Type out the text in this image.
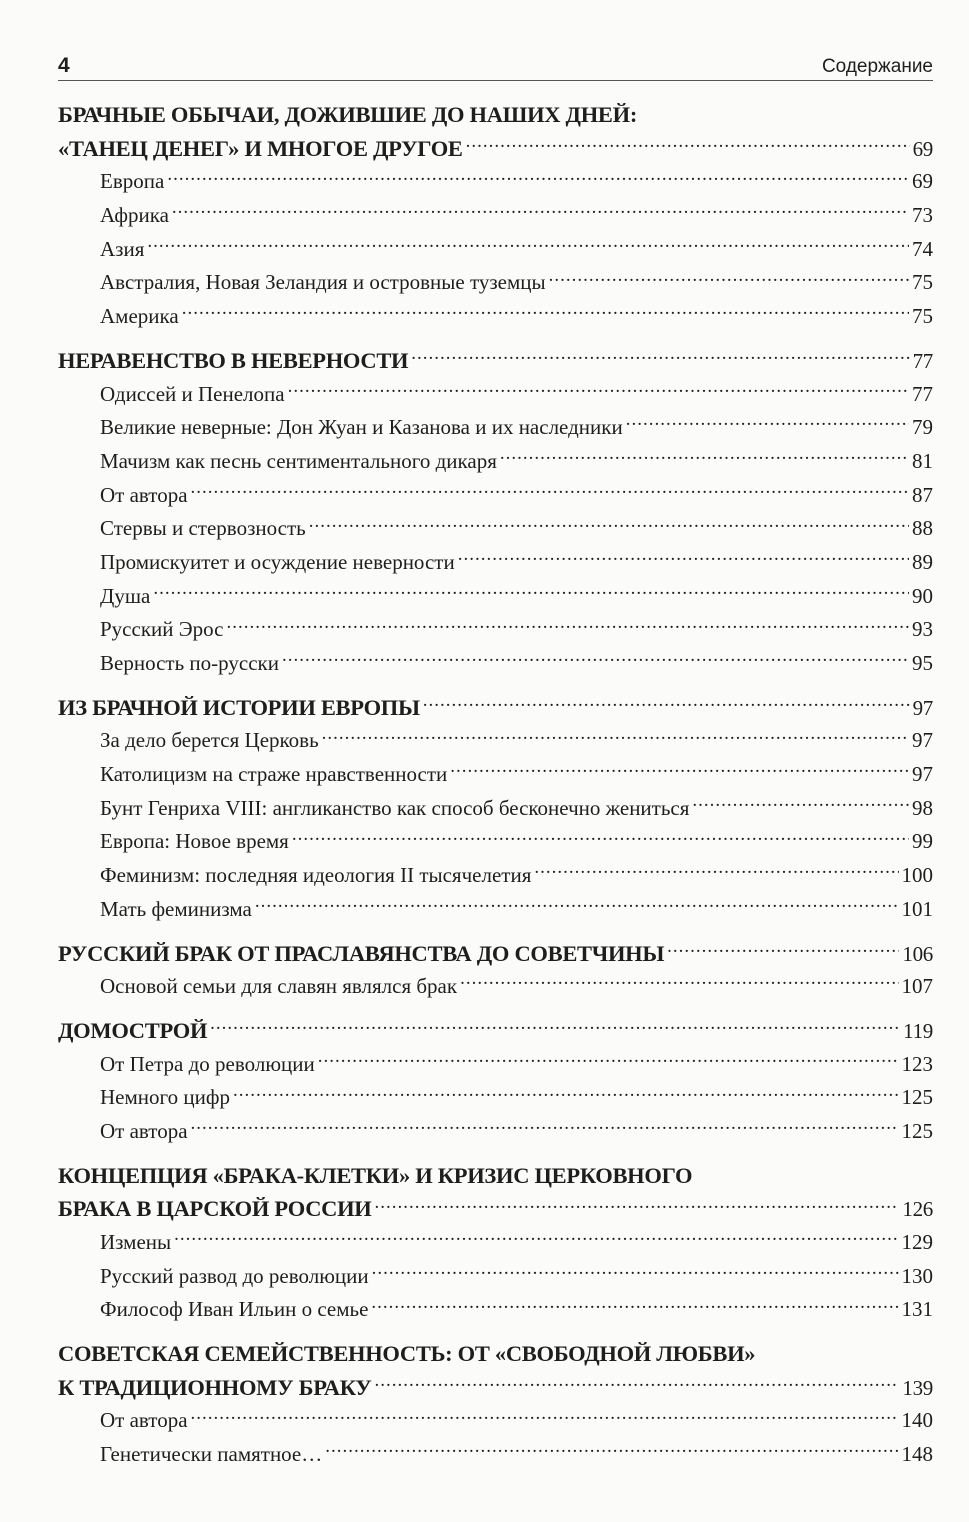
4	Содержание
БРАЧНЫЕ ОБЫЧАИ, ДОЖИВШИЕ ДО НАШИХ ДНЕЙ:
«ТАНЕЦ ДЕНЕГ» И МНОГОЕ ДРУГОЕ .....	69
Европа .....	69
Африка .....	73
Азия .....	74
Австралия, Новая Зеландия и островные туземцы .....	75
Америка .....	75
НЕРАВЕНСТВО В НЕВЕРНОСТИ .....	77
Одиссей и Пенелопа .....	77
Великие неверные: Дон Жуан и Казанова и их наследники .....	79
Мачизм как песнь сентиментального дикаря .....	81
От автора .....	87
Стервы и стервозность .....	88
Промискуитет и осуждение неверности .....	89
Душа .....	90
Русский Эрос .....	93
Верность по-русски .....	95
ИЗ БРАЧНОЙ ИСТОРИИ ЕВРОПЫ .....	97
За дело берется Церковь .....	97
Католицизм на страже нравственности .....	97
Бунт Генриха VIII: англиканство как способ бесконечно жениться .....	98
Европа: Новое время .....	99
Феминизм: последняя идеология II тысячелетия .....	100
Мать феминизма .....	101
РУССКИЙ БРАК ОТ ПРАСЛАВЯНСТВА ДО СОВЕТЧИНЫ .....	106
Основой семьи для славян являлся брак .....	107
ДОМОСТРОЙ .....	119
От Петра до революции .....	123
Немного цифр .....	125
От автора .....	125
КОНЦЕПЦИЯ «БРАКА-КЛЕТКИ» И КРИЗИС ЦЕРКОВНОГО
БРАКА В ЦАРСКОЙ РОССИИ .....	126
Измены .....	129
Русский развод до революции .....	130
Философ Иван Ильин о семье .....	131
СОВЕТСКАЯ СЕМЕЙСТВЕННОСТЬ: ОТ «СВОБОДНОЙ ЛЮБВИ»
К ТРАДИЦИОННОМУ БРАКУ .....	139
От автора .....	140
Генетически памятное… .....	148
